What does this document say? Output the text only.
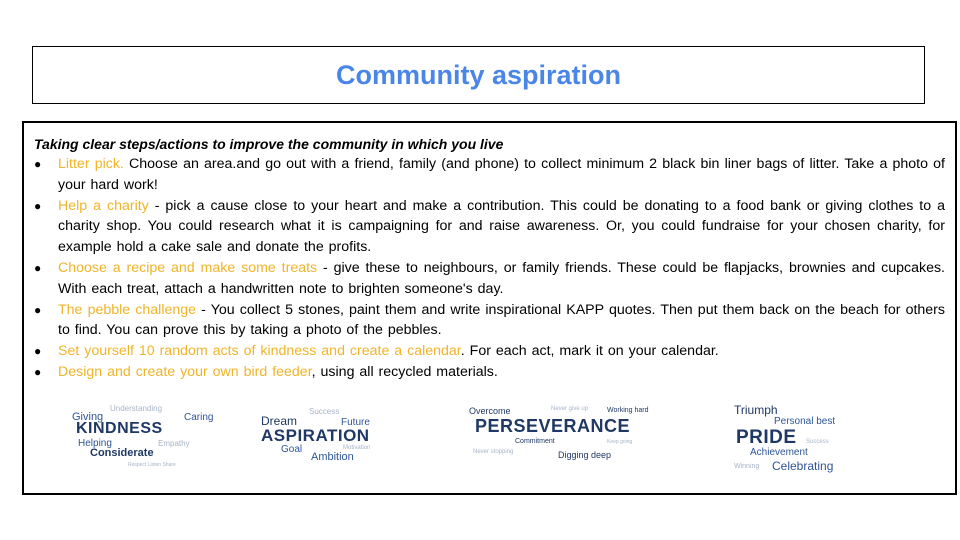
Community aspiration

Taking clear steps/actions to improve the community in which you live

●	Litter pick. Choose an area.and go out with a friend, family (and phone) to collect minimum 2 black bin liner bags of litter. Take a photo of your hard work!
●	Help a charity - pick a cause close to your heart and make a contribution. This could be donating to a food bank or giving clothes to a charity shop. You could research what it is campaigning for and raise awareness. Or, you could fundraise for your chosen charity, for example hold a cake sale and donate the profits.
●	Choose a recipe and make some treats - give these to neighbours, or family friends. These could be flapjacks, brownies and cupcakes. With each treat, attach a handwritten note to brighten someone's day.
●	The pebble challenge - You collect 5 stones, paint them and write inspirational KAPP quotes. Then put them back on the beach for others to find. You can prove this by taking a photo of the pebbles.
●	Set yourself 10 random acts of kindness and create a calendar. For each act, mark it on your calendar.
●	Design and create your own bird feeder, using all recycled materials.
Understanding
Giving	Caring
KINDNESS
Helping	Empathy
Considerate
Respect Listen Share
Success
Dream	Future
ASPIRATION
Goal	Motivation
Ambition
Overcome	Never give up	Working hard
PERSEVERANCE
Commitment	Keep going
Never stopping	Digging deep
Triumph
Personal best
PRIDE Success
Achievement
Winning Celebrating
